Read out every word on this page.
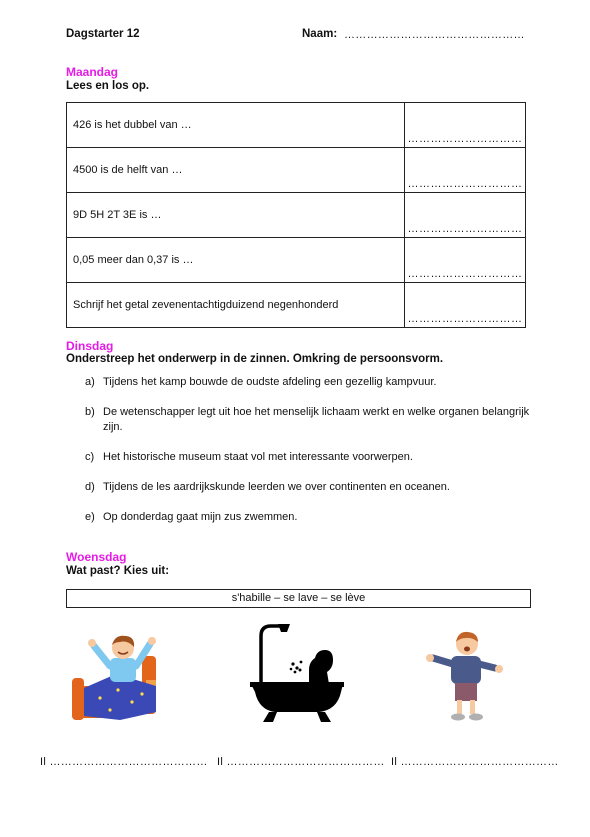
Dagstarter 12	Naam: …………………………………………
Maandag
Lees en los op.
426 is het dubbel van …	…………………………
4500 is de helft van …	…………………………
9D 5H 2T 3E is …	…………………………
0,05 meer dan 0,37 is …	…………………………
Schrijf het getal zevenentachtigduizend negenhonderd	…………………………
Dinsdag
Onderstreep het onderwerp in de zinnen. Omkring de persoonsvorm.
a) Tijdens het kamp bouwde de oudste afdeling een gezellig kampvuur.
b) De wetenschapper legt uit hoe het menselijk lichaam werkt en welke organen belangrijk zijn.
c) Het historische museum staat vol met interessante voorwerpen.
d) Tijdens de les aardrijkskunde leerden we over continenten en oceanen.
e) Op donderdag gaat mijn zus zwemmen.
Woensdag
Wat past? Kies uit:
s'habille – se lave – se lève
Il …………………………………… Il …………………………………… Il ……………………………………
